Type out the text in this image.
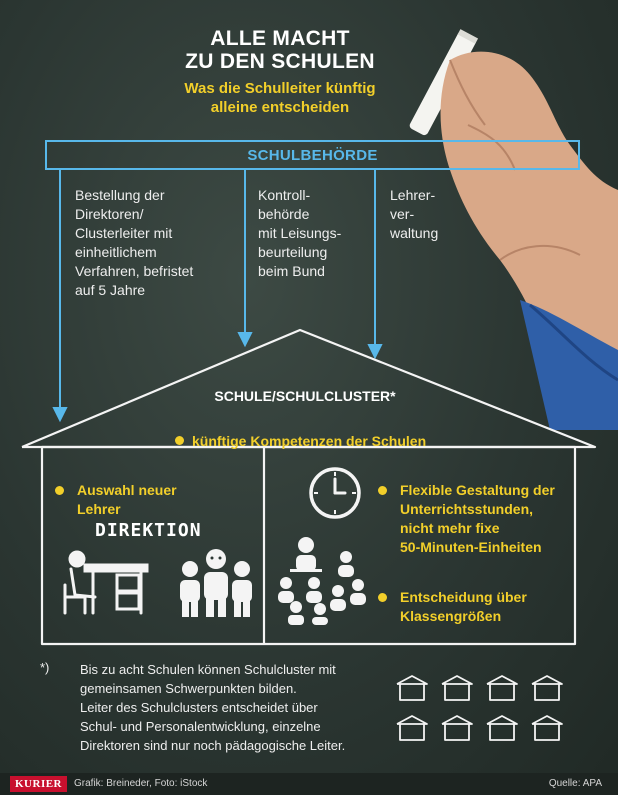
ALLE MACHT
ZU DEN SCHULEN
Was die Schulleiter künftig
alleine entscheiden
SCHULBEHÖRDE
Bestellung der
Direktoren/
Clusterleiter mit
einheitlichem
Verfahren, befristet
auf 5 Jahre
Kontroll-
behörde
mit Leisungs-
beurteilung
beim Bund
Lehrer-
ver-
waltung
SCHULE/SCHULCLUSTER*

künftige Kompetenzen der Schulen

Auswahl neuer
Lehrer

DIREKTION

Flexible Gestaltung der
Unterrichtsstunden,
nicht mehr fixe
50-Minuten-Einheiten

Entscheidung über
Klassengrößen

*) Bis zu acht Schulen können Schulcluster mit
gemeinsamen Schwerpunkten bilden.
Leiter des Schulclusters entscheidet über
Schul- und Personalentwicklung, einzelne
Direktoren sind nur noch pädagogische Leiter.
KURIER	Grafik: Breineder, Foto: iStock	Quelle: APA
